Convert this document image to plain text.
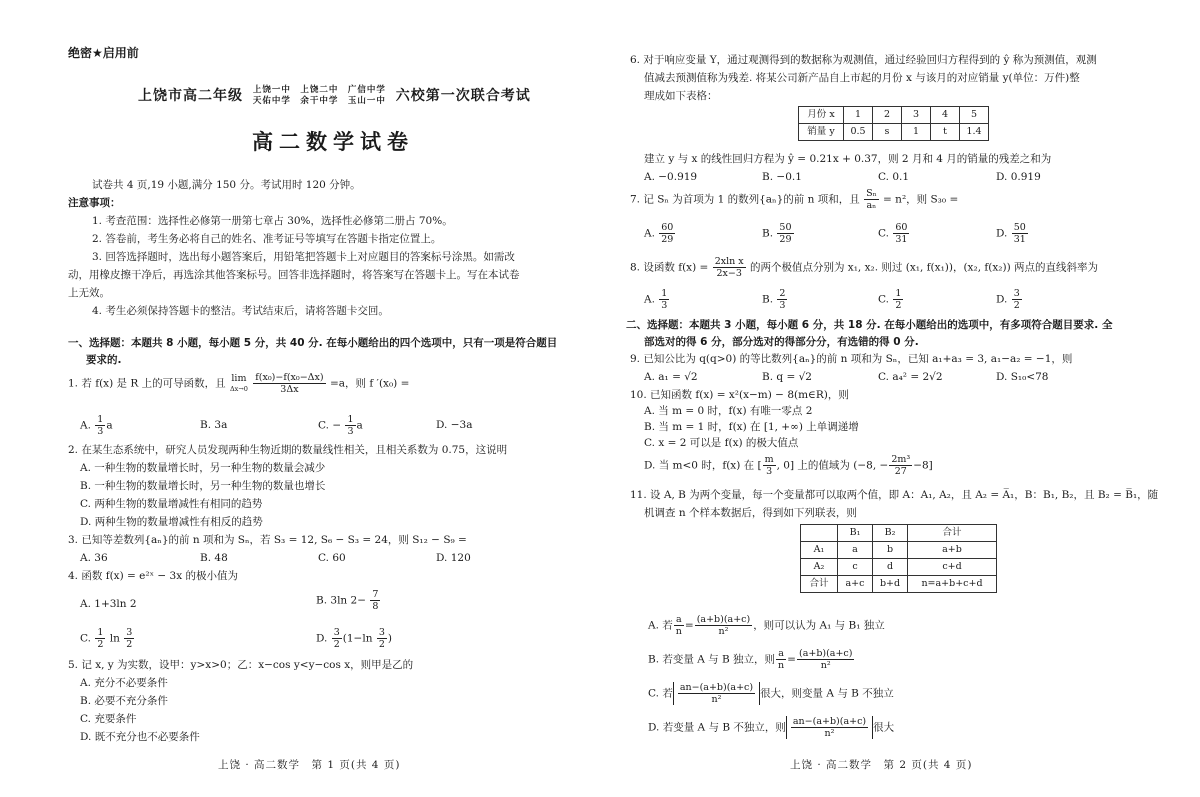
绝密★启用前
上饶市高二年级 上饶一中　上饶二中　广信中学
天佑中学　余干中学　玉山一中 六校第一次联合考试
高二数学试卷
试卷共 4 页,19 小题,满分 150 分。考试用时 120 分钟。
注意事项：
1. 考查范围：选择性必修第一册第七章占 30%，选择性必修第二册占 70%。
2. 答卷前，考生务必将自己的姓名、准考证号等填写在答题卡指定位置上。
3. 回答选择题时，选出每小题答案后，用铅笔把答题卡上对应题目的答案标号涂黑。如需改
动，用橡皮擦干净后，再选涂其他答案标号。回答非选择题时，将答案写在答题卡上。写在本试卷
上无效。
4. 考生必须保持答题卡的整洁。考试结束后，请将答题卡交回。
一、选择题：本题共 8 小题，每小题 5 分，共 40 分. 在每小题给出的四个选项中，只有一项是符合题目
要求的.
1. 若 f(x) 是 R 上的可导函数，且 lim
Δx→0
$\frac{\text{f(x₀)−f(x₀−Δx)}}{3\Delta x} =a$，则 f ′(x₀) =
A. $\frac{1}{3}$ a	B. 3a	C. − $\frac{1}{3}$ a	D. −3a
2. 在某生态系统中，研究人员发现两种生物近期的数量线性相关，且相关系数为 0.75，这说明
A. 一种生物的数量增长时，另一种生物的数量会减少
B. 一种生物的数量增长时，另一种生物的数量也增长
C. 两种生物的数量增减性有相同的趋势
D. 两种生物的数量增减性有相反的趋势
3. 已知等差数列{aₙ}的前 n 项和为 Sₙ，若 S₃ = 12, S₆ − S₃ = 24，则 S₁₂ − S₉ =
A. 36	B. 48	C. 60	D. 120
4. 函数 f(x) = e²ˣ − 3x 的极小值为
A. 1+3ln 2	B. 3ln $2- \frac{7}{8}$
C. $\frac{1}{2}$ $\ln \frac{3}{2}$	D. $\frac{3}{2} (1-\ln \frac{3}{2}$ )
5. 记 x, y 为实数，设甲：y>x>0；乙：x−cos y<y−cos x，则甲是乙的
A. 充分不必要条件
B. 必要不充分条件
C. 充要条件
D. 既不充分也不必要条件
上饶 · 高二数学　第 1 页(共 4 页)
6. 对于响应变量 Y，通过观测得到的数据称为观测值，通过经验回归方程得到的 ŷ 称为预测值，观测
值减去预测值称为残差. 将某公司新产品自上市起的月份 x 与该月的对应销量 y(单位：万件)整
理成如下表格：
月份 x	1	2	3	4	5
销量 y	0.5	s	1	t	1.4
建立 y 与 x 的线性回归方程为 ŷ = 0.21x + 0.37，则 2 月和 4 月的销量的残差之和为
A. −0.919	B. −0.1	C. 0.1	D. 0.919
7. 记 Sₙ 为首项为 1 的数列{aₙ}的前 n 项和，且 $\frac{\text{Sₙ}}{\text{aₙ}} = n^2$，则 S₃₀ =
A. $\frac{60}{29}$	B. $\frac{50}{29}$	C. $\frac{60}{31}$	D. $\frac{50}{31}$
8. 设函数 $f(x) = \frac{\text{2xln x}}{2x-3}$ 的两个极值点分别为 x₁, x₂. 则过 (x₁, f(x₁))，(x₂, f(x₂)) 两点的直线斜率为
A. $\frac{1}{3}$	B. $\frac{2}{3}$	C. $\frac{1}{2}$	D. $\frac{3}{2}$
二、选择题：本题共 3 小题，每小题 6 分，共 18 分. 在每小题给出的选项中，有多项符合题目要求. 全
部选对的得 6 分，部分选对的得部分分，有选错的得 0 分.
9. 已知公比为 q(q>0) 的等比数列{aₙ}的前 n 项和为 Sₙ，已知 a₁+a₃ = 3, a₁−a₂ = −1，则
A. a₁ = √2	B. q = √2	C. a₄² = 2√2	D. S₁₀<78
10. 已知函数 f(x) = x²(x−m) − 8(m∈R)，则
A. 当 m = 0 时，f(x) 有唯一零点 2
B. 当 m = 1 时，f(x) 在 [1, +∞) 上单调递增
C. x = 2 可以是 f(x) 的极大值点
D. 当 m<0 时，f(x) 在 [ $\frac{m}{3}$ , 0] 上的值域为 (−8, − $\frac{\text{2m³}}{27} -8$]
11. 设 A, B 为两个变量，每一个变量都可以取两个值，即 A：A₁, A₂，且 A₂ = A̅₁，B：B₁, B₂，且 B₂ = B̅₁，随
机调查 n 个样本数据后，得到如下列联表，则
	B₁	B₂	合计
A₁	a	b	a+b
A₂	c	d	c+d
合计	a+c	b+d	n=a+b+c+d
A. 若 $\frac{a}{n} = \frac{(a+b)(a+c)}{\text{n²}}$ ，则可以认为 A₁ 与 B₁ 独立
B. 若变量 A 与 B 独立，则 $\frac{a}{n} = \frac{(a+b)(a+c)}{\text{n²}}$
C. 若 $\frac{an-(a+b)(a+c)}{\text{n²}}$ 很大，则变量 A 与 B 不独立
D. 若变量 A 与 B 不独立，则 $\frac{an-(a+b)(a+c)}{\text{n²}}$ 很大
上饶 · 高二数学　第 2 页(共 4 页)
